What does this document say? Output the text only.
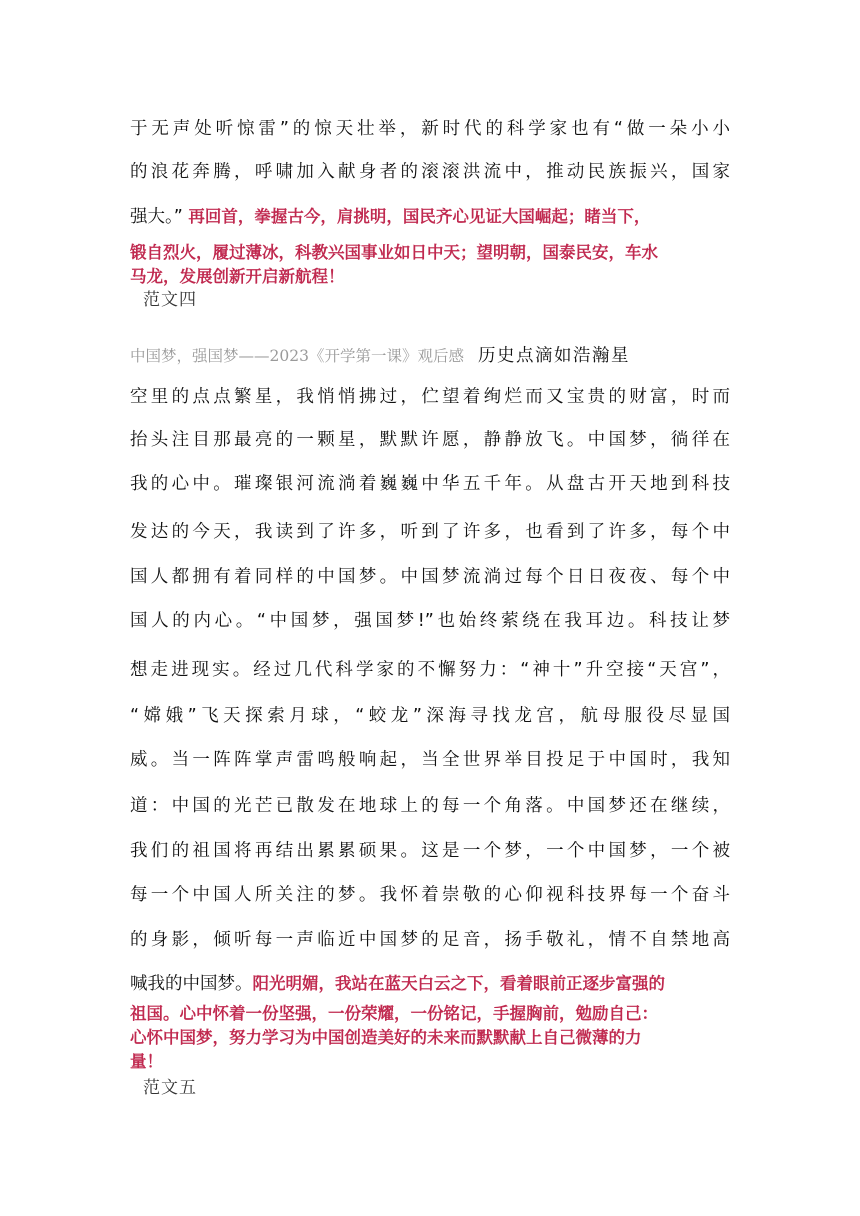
于无声处听惊雷”的惊天壮举，新时代的科学家也有“做一朵小小
的浪花奔腾，呼啸加入献身者的滚滚洪流中，推动民族振兴，国家
强大。” 再回首，拳握古今，肩挑明，国民齐心见证大国崛起；睹当下，
锻自烈火，履过薄冰，科教兴国事业如日中天；望明朝，国泰民安，车水
马龙，发展创新开启新航程！
范文四
中国梦，强国梦——2023《开学第一课》观后感 历史点滴如浩瀚星
空里的点点繁星，我悄悄拂过，伫望着绚烂而又宝贵的财富，时而
抬头注目那最亮的一颗星，默默许愿，静静放飞。中国梦，徜徉在
我的心中。璀璨银河流淌着巍巍中华五千年。从盘古开天地到科技
发达的今天，我读到了许多，听到了许多，也看到了许多，每个中
国人都拥有着同样的中国梦。中国梦流淌过每个日日夜夜、每个中
国人的内心。“中国梦，强国梦!”也始终萦绕在我耳边。科技让梦
想走进现实。经过几代科学家的不懈努力：“神十”升空接“天宫”，
“嫦娥”飞天探索月球，“蛟龙”深海寻找龙宫，航母服役尽显国
威。当一阵阵掌声雷鸣般响起，当全世界举目投足于中国时，我知
道：中国的光芒已散发在地球上的每一个角落。中国梦还在继续，
我们的祖国将再结出累累硕果。这是一个梦，一个中国梦，一个被
每一个中国人所关注的梦。我怀着崇敬的心仰视科技界每一个奋斗
的身影，倾听每一声临近中国梦的足音，扬手敬礼，情不自禁地高
喊我的中国梦。阳光明媚，我站在蓝天白云之下，看着眼前正逐步富强的
祖国。心中怀着一份坚强，一份荣耀，一份铭记，手握胸前，勉励自己：
心怀中国梦，努力学习为中国创造美好的未来而默默献上自己微薄的力
量！
范文五
